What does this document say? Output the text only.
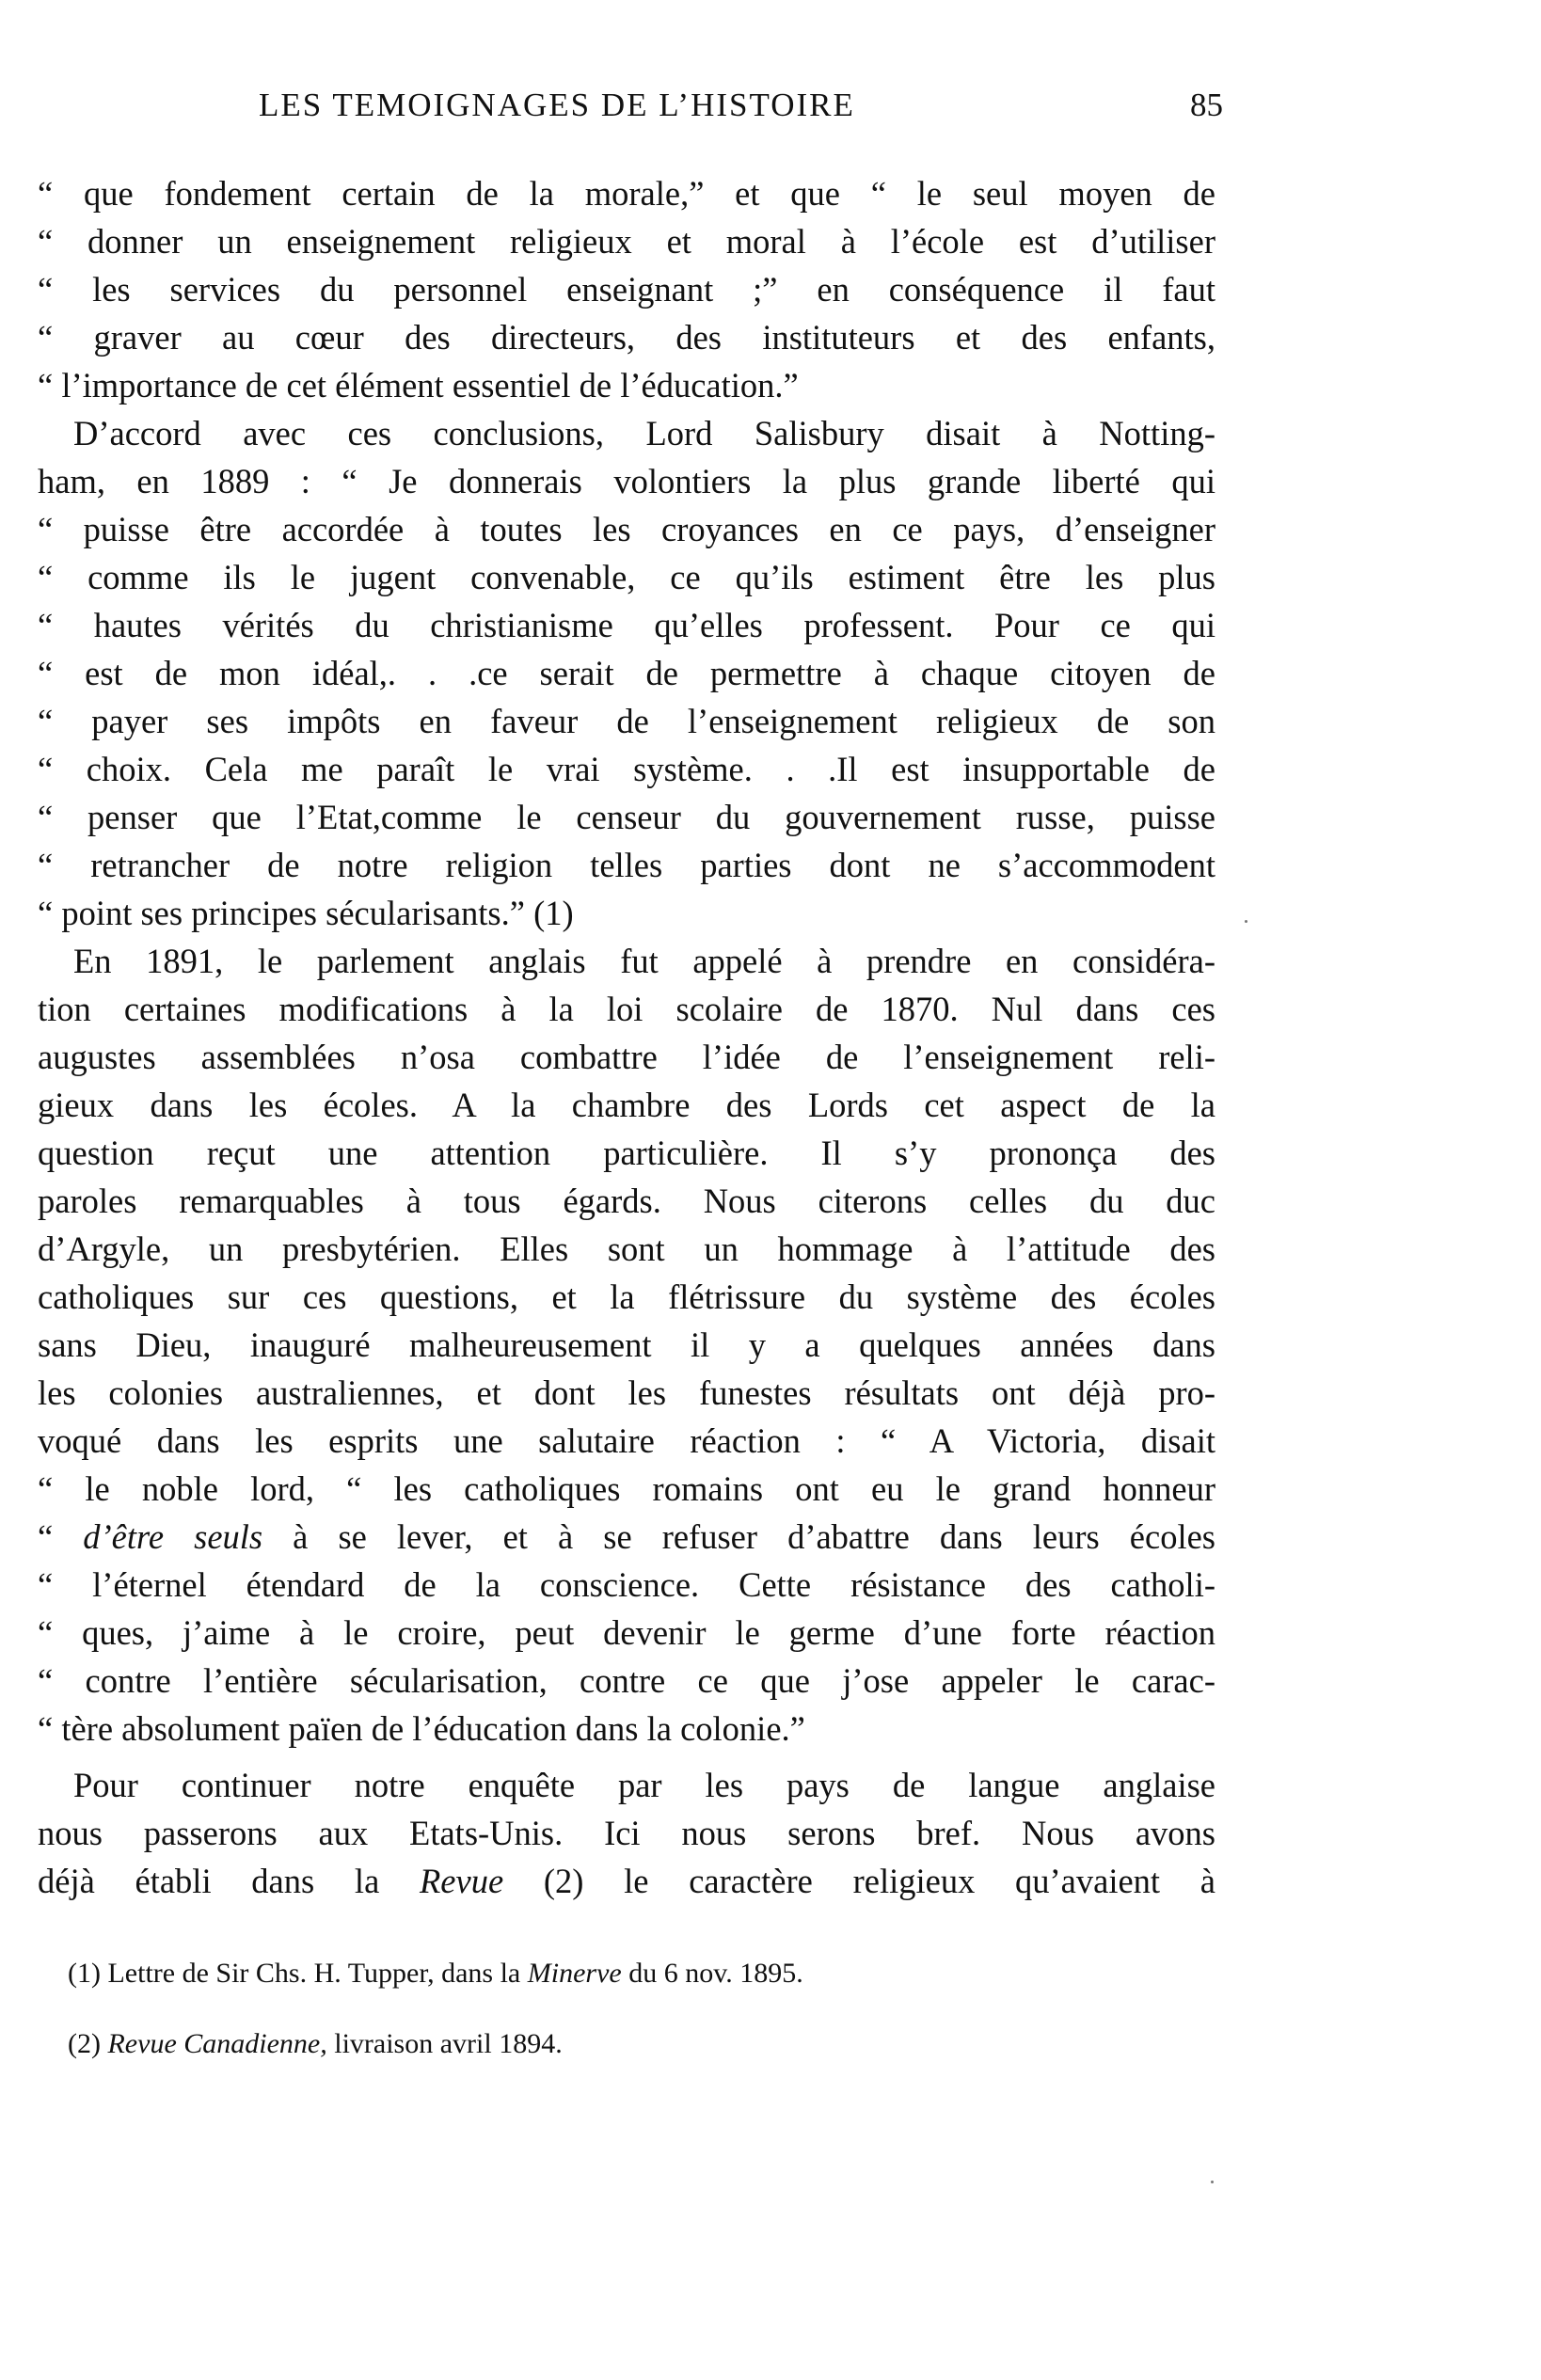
LES TEMOIGNAGES DE L’HISTOIRE	85
“ que fondement certain de la morale,” et que “ le seul moyen de
“ donner un enseignement religieux et moral à l’école est d’utiliser
“ les services du personnel enseignant ;” en conséquence il faut
“ graver au cœur des directeurs, des instituteurs et des enfants,
“ l’importance de cet élément essentiel de l’éducation.”
D’accord avec ces conclusions, Lord Salisbury disait à Notting-
ham, en 1889 : “ Je donnerais volontiers la plus grande liberté qui
“ puisse être accordée à toutes les croyances en ce pays, d’enseigner
“ comme ils le jugent convenable, ce qu’ils estiment être les plus
“ hautes vérités du christianisme qu’elles professent. Pour ce qui
“ est de mon idéal,. . .ce serait de permettre à chaque citoyen de
“ payer ses impôts en faveur de l’enseignement religieux de son
“ choix. Cela me paraît le vrai système. . .Il est insupportable de
“ penser que l’Etat,comme le censeur du gouvernement russe, puisse
“ retrancher de notre religion telles parties dont ne s’accommodent
“ point ses principes sécularisants.” (1)
En 1891, le parlement anglais fut appelé à prendre en considéra-
tion certaines modifications à la loi scolaire de 1870. Nul dans ces
augustes assemblées n’osa combattre l’idée de l’enseignement reli-
gieux dans les écoles. A la chambre des Lords cet aspect de la
question reçut une attention particulière. Il s’y prononça des
paroles remarquables à tous égards. Nous citerons celles du duc
d’Argyle, un presbytérien. Elles sont un hommage à l’attitude des
catholiques sur ces questions, et la flétrissure du système des écoles
sans Dieu, inauguré malheureusement il y a quelques années dans
les colonies australiennes, et dont les funestes résultats ont déjà pro-
voqué dans les esprits une salutaire réaction : “ A Victoria, disait
“ le noble lord, “ les catholiques romains ont eu le grand honneur
“ d’être seuls à se lever, et à se refuser d’abattre dans leurs écoles
“ l’éternel étendard de la conscience. Cette résistance des catholi-
“ ques, j’aime à le croire, peut devenir le germe d’une forte réaction
“ contre l’entière sécularisation, contre ce que j’ose appeler le carac-
“ tère absolument païen de l’éducation dans la colonie.”
Pour continuer notre enquête par les pays de langue anglaise
nous passerons aux Etats-Unis. Ici nous serons bref. Nous avons
déjà établi dans la Revue (2) le caractère religieux qu’avaient à
(1) Lettre de Sir Chs. H. Tupper, dans la Minerve du 6 nov. 1895.
(2) Revue Canadienne, livraison avril 1894.
